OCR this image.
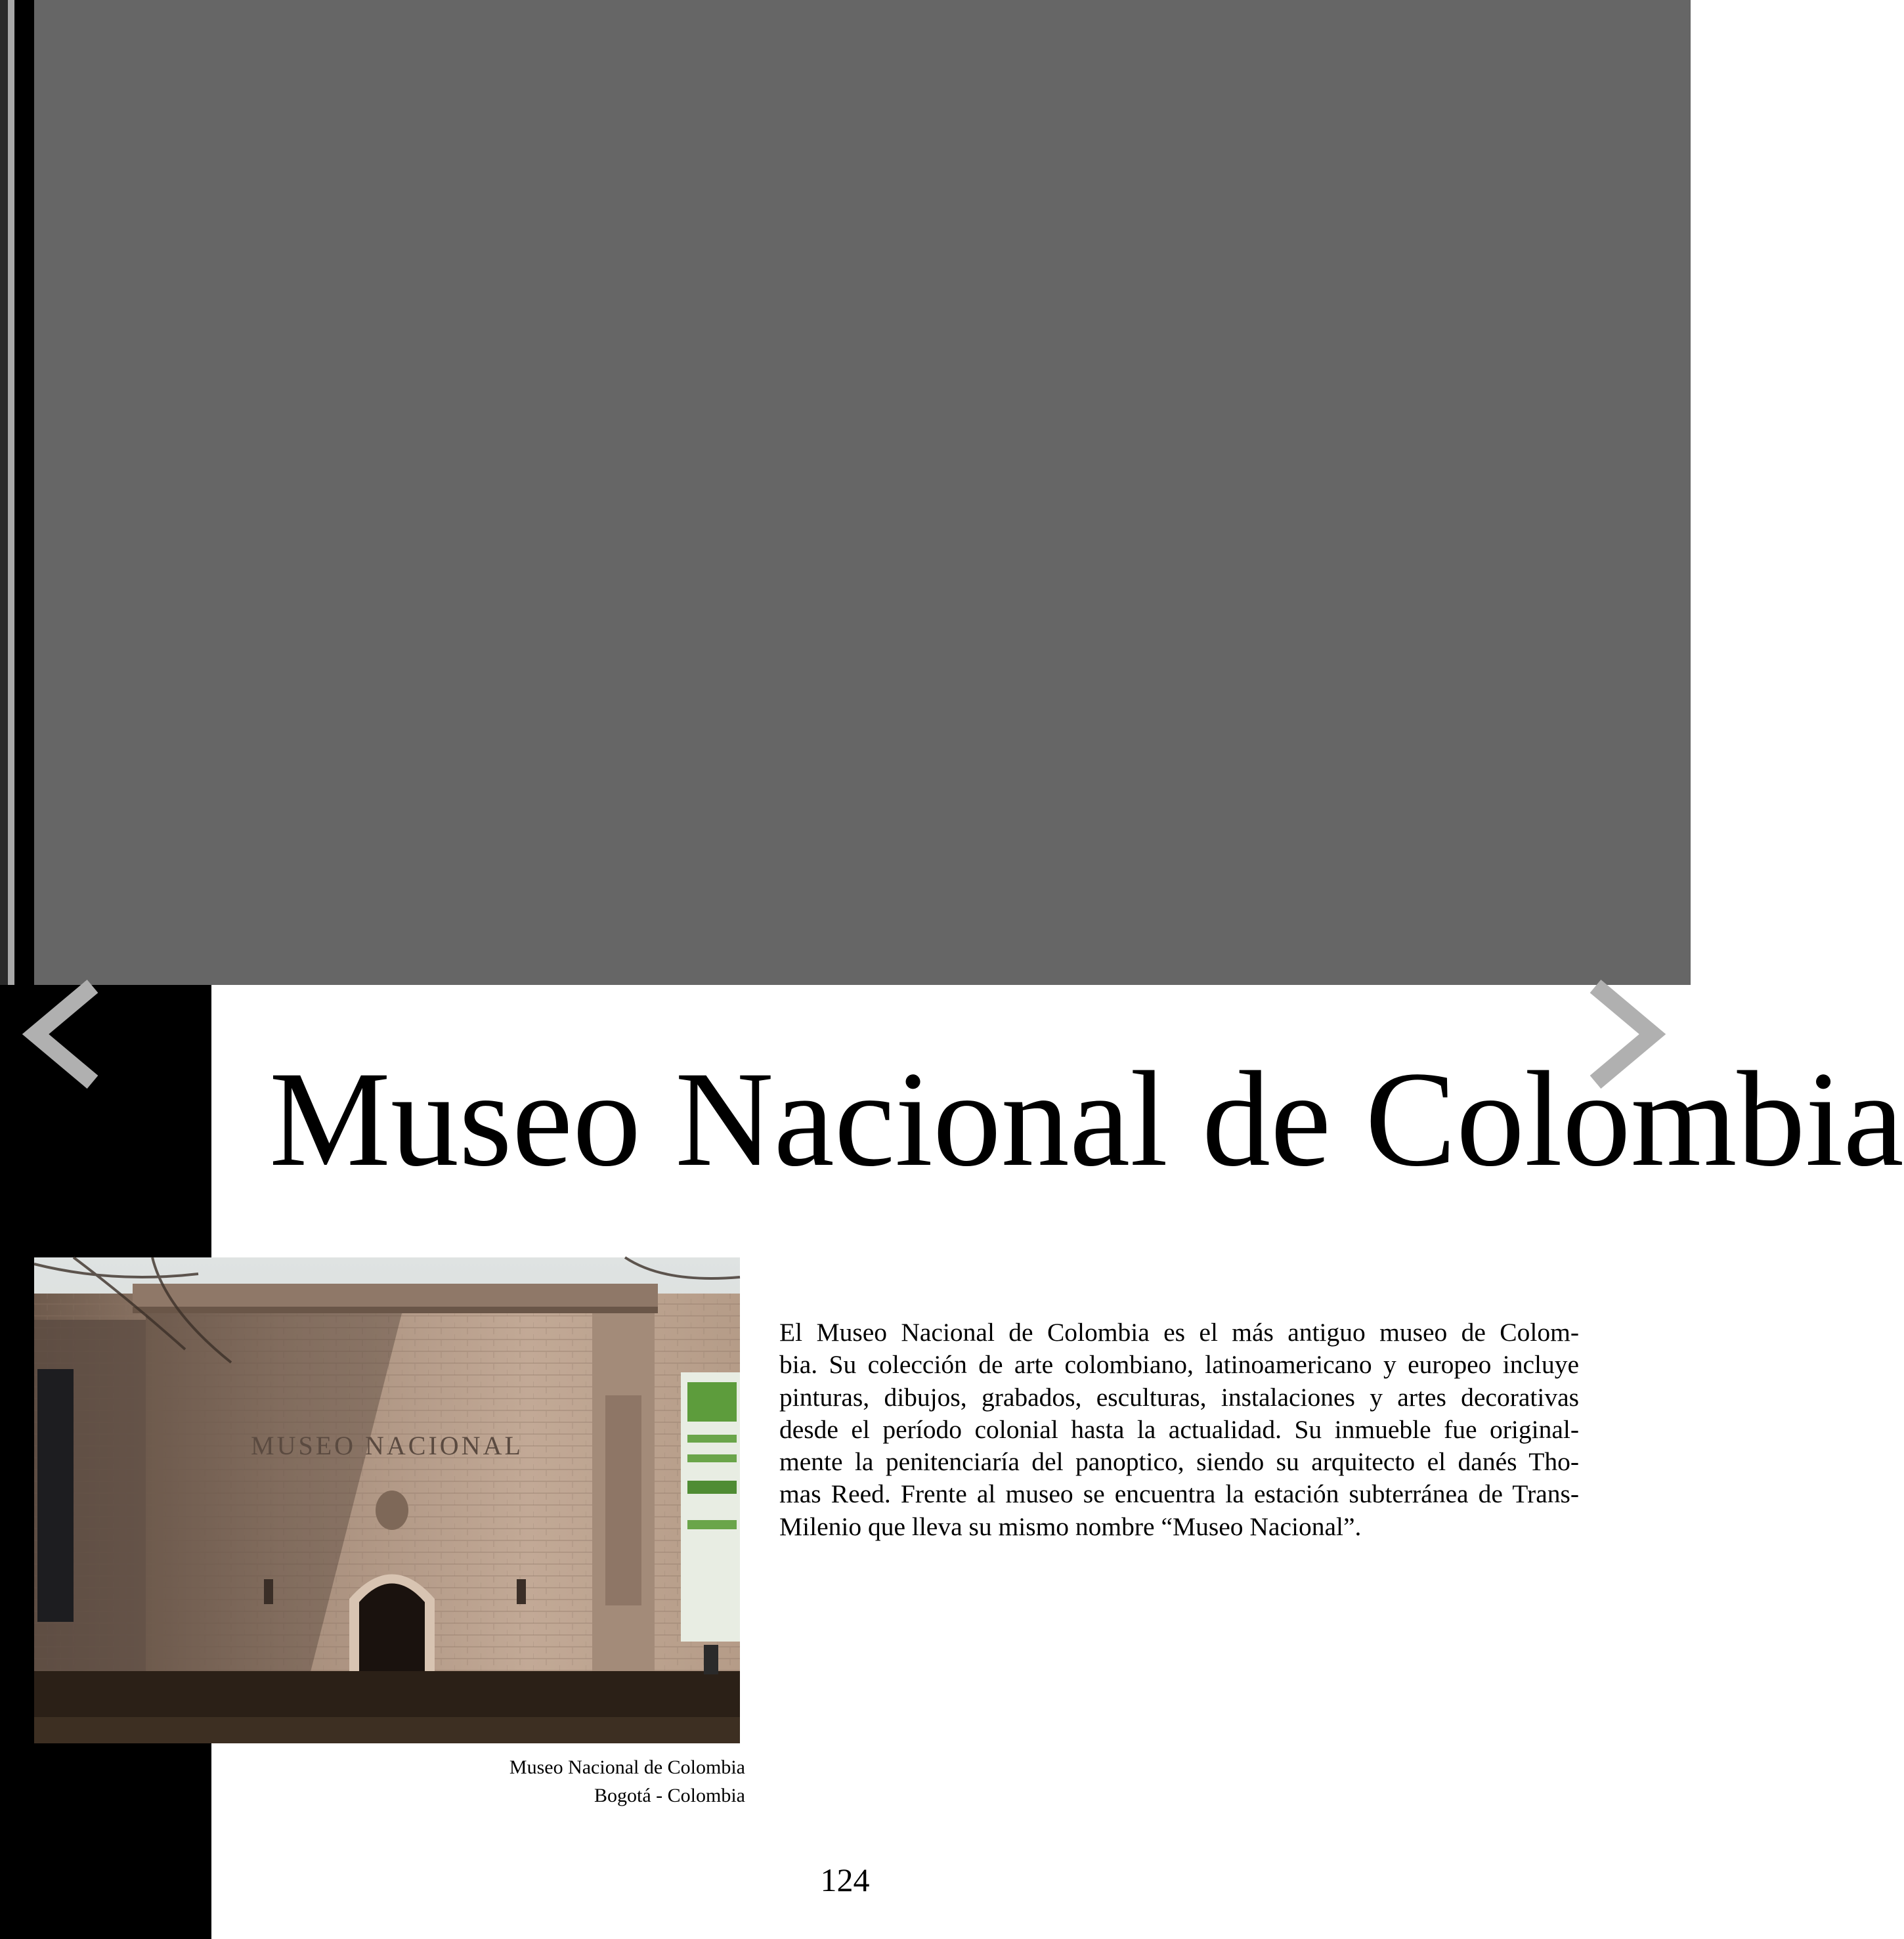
Museo Nacional de Colombia
MUSEO NACIONAL
Museo Nacional de Colombia
Bogotá - Colombia

El Museo Nacional de Colombia es el más antiguo museo de Colom-
bia. Su colección de arte colombiano, latinoamericano y europeo incluye
pinturas, dibujos, grabados, esculturas, instalaciones y artes decorativas
desde el período colonial hasta la actualidad. Su inmueble fue original-
mente la penitenciaría del panoptico, siendo su arquitecto el danés Tho-
mas Reed. Frente al museo se encuentra la estación subterránea de Trans-
Milenio que lleva su mismo nombre “Museo Nacional”.

124
